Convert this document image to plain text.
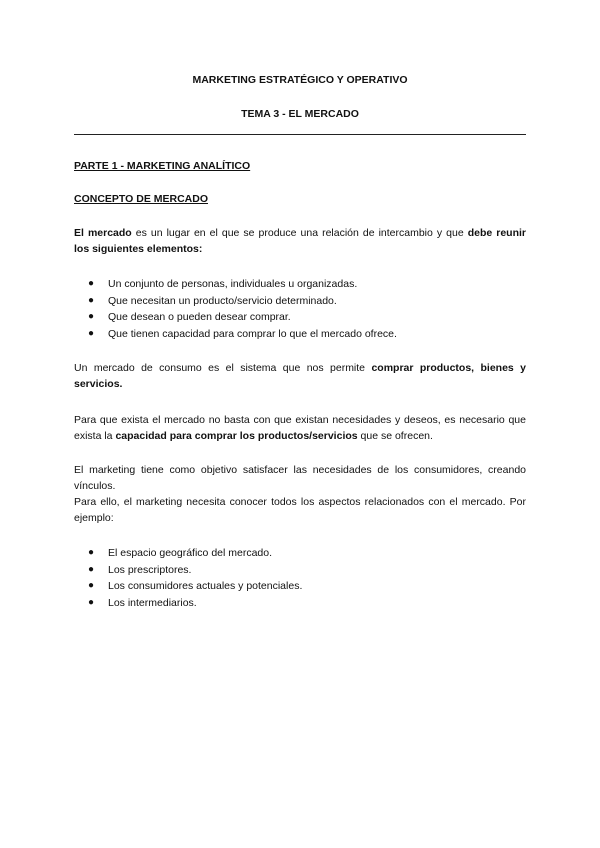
MARKETING ESTRATÉGICO Y OPERATIVO
TEMA 3 - EL MERCADO
PARTE 1 - MARKETING ANALÍTICO
CONCEPTO DE MERCADO
El mercado es un lugar en el que se produce una relación de intercambio y que debe reunir
los siguientes elementos:
● Un conjunto de personas, individuales u organizadas.
● Que necesitan un producto/servicio determinado.
● Que desean o pueden desear comprar.
● Que tienen capacidad para comprar lo que el mercado ofrece.
Un mercado de consumo es el sistema que nos permite comprar productos, bienes y
servicios.
Para que exista el mercado no basta con que existan necesidades y deseos, es necesario que
exista la capacidad para comprar los productos/servicios que se ofrecen.
El marketing tiene como objetivo satisfacer las necesidades de los consumidores, creando
vínculos.
Para ello, el marketing necesita conocer todos los aspectos relacionados con el mercado. Por
ejemplo:
● El espacio geográfico del mercado.
● Los prescriptores.
● Los consumidores actuales y potenciales.
● Los intermediarios.
